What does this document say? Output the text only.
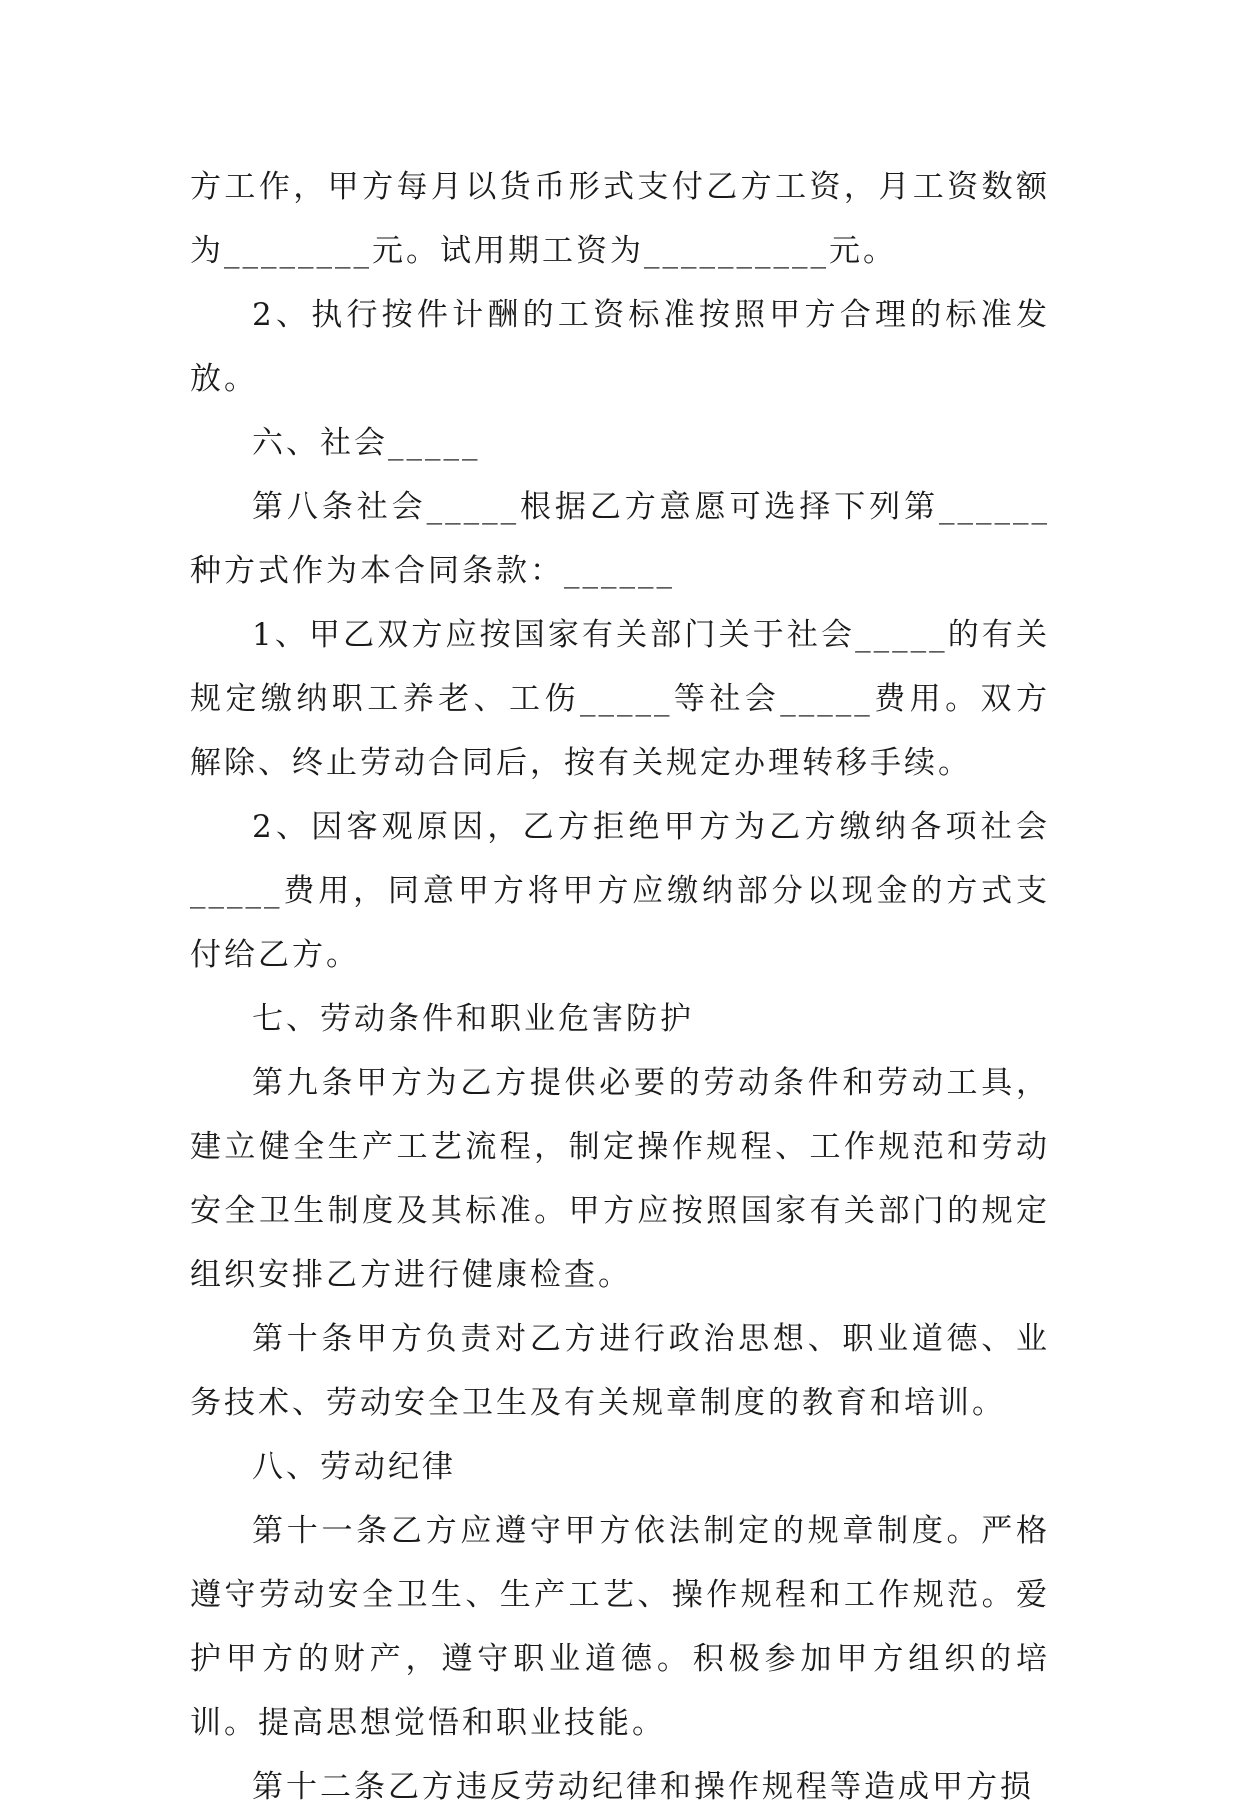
方工作，甲方每月以货币形式支付乙方工资，月工资数额为________元。试用期工资为__________元。

2、执行按件计酬的工资标准按照甲方合理的标准发放。

六、社会_____

第八条社会_____根据乙方意愿可选择下列第______种方式作为本合同条款：______

1、甲乙双方应按国家有关部门关于社会_____的有关规定缴纳职工养老、工伤_____等社会_____费用。双方解除、终止劳动合同后，按有关规定办理转移手续。

2、因客观原因，乙方拒绝甲方为乙方缴纳各项社会_____费用，同意甲方将甲方应缴纳部分以现金的方式支付给乙方。

七、劳动条件和职业危害防护

第九条甲方为乙方提供必要的劳动条件和劳动工具，建立健全生产工艺流程，制定操作规程、工作规范和劳动安全卫生制度及其标准。甲方应按照国家有关部门的规定组织安排乙方进行健康检查。

第十条甲方负责对乙方进行政治思想、职业道德、业务技术、劳动安全卫生及有关规章制度的教育和培训。

八、劳动纪律

第十一条乙方应遵守甲方依法制定的规章制度。严格遵守劳动安全卫生、生产工艺、操作规程和工作规范。爱护甲方的财产，遵守职业道德。积极参加甲方组织的培训。提高思想觉悟和职业技能。

第十二条乙方违反劳动纪律和操作规程等造成甲方损
